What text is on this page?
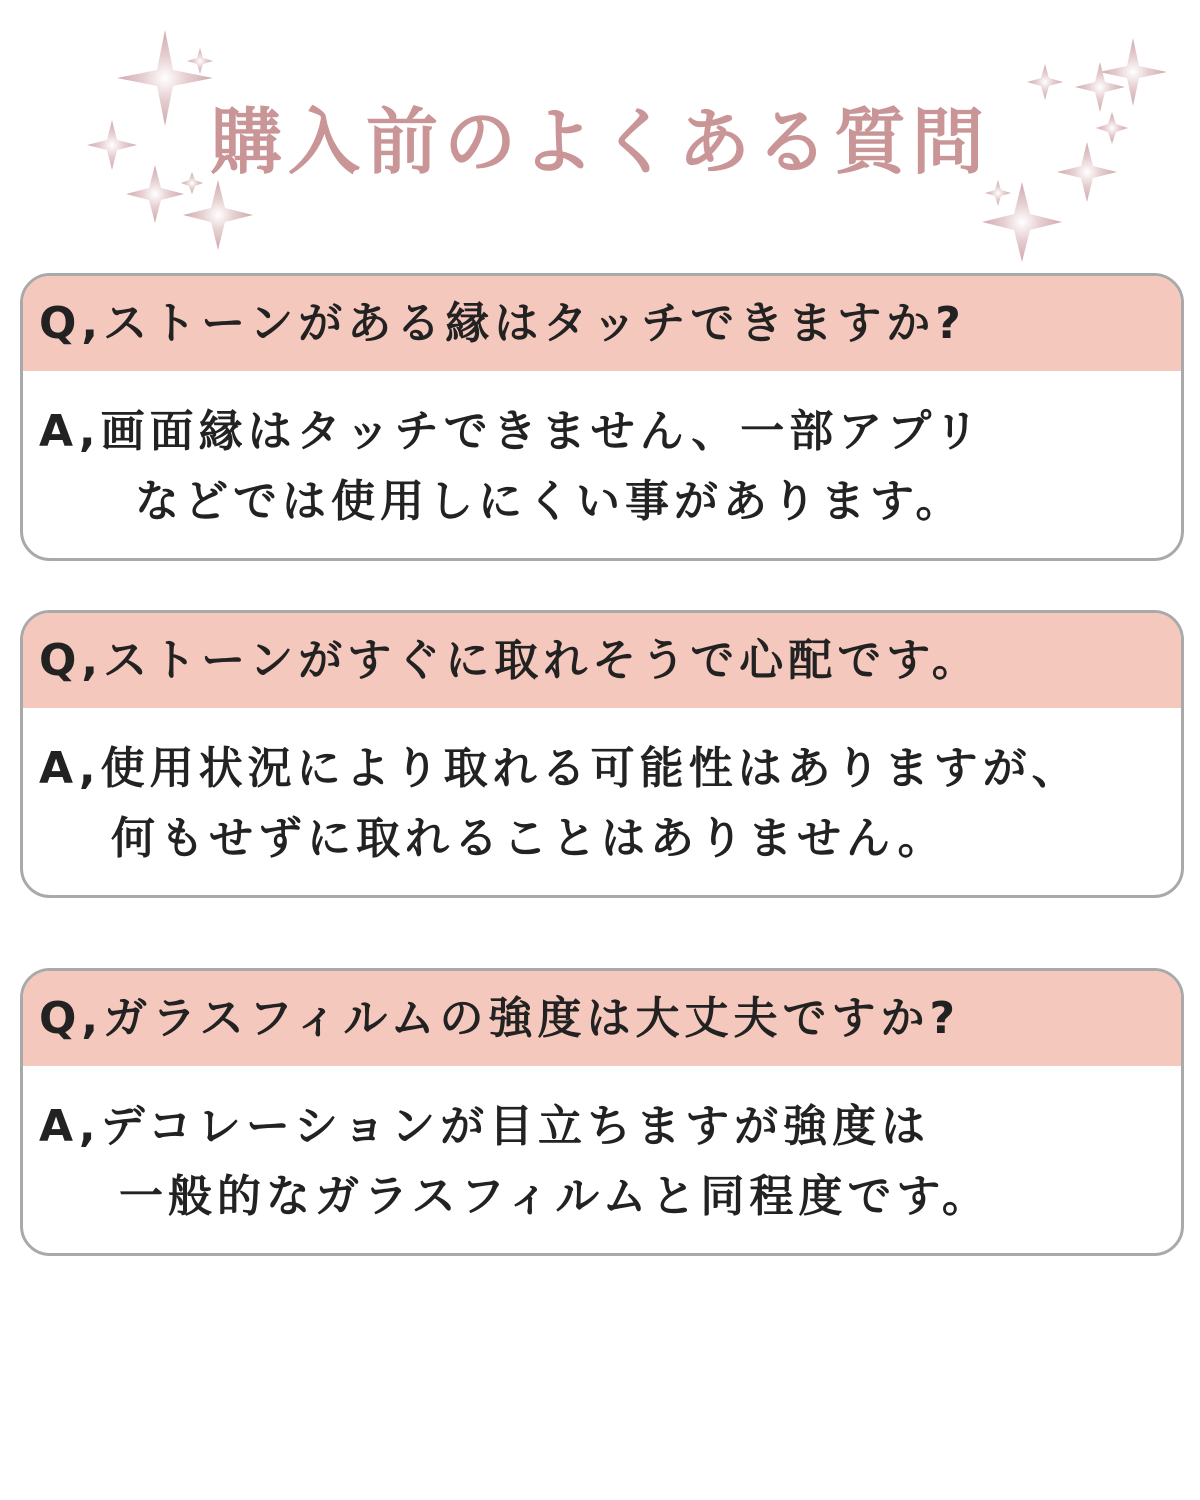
購入前のよくある質問
Q,ストーンがある縁はタッチできますか?
A,画面縁はタッチできません、一部アプリ
などでは使用しにくい事があります。
Q,ストーンがすぐに取れそうで心配です。
A,使用状況により取れる可能性はありますが、
何もせずに取れることはありません。
Q,ガラスフィルムの強度は大丈夫ですか?
A,デコレーションが目立ちますが強度は
一般的なガラスフィルムと同程度です。
